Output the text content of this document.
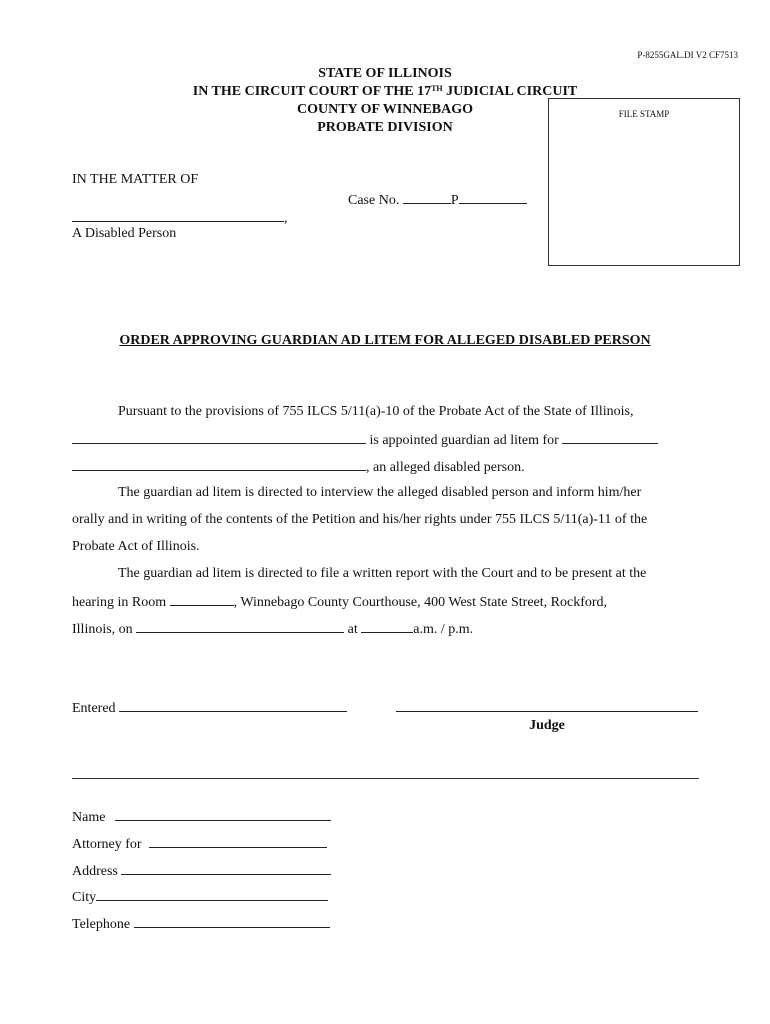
P-8255GAL.DI V2 CF7513
STATE OF ILLINOIS
IN THE CIRCUIT COURT OF THE 17TH JUDICIAL CIRCUIT
COUNTY OF WINNEBAGO
PROBATE DIVISION
FILE STAMP
IN THE MATTER OF
Case No.	P
,
A Disabled Person
ORDER APPROVING GUARDIAN AD LITEM FOR ALLEGED DISABLED PERSON
Pursuant to the provisions of 755 ILCS 5/11(a)-10 of the Probate Act of the State of Illinois,
is appointed guardian ad litem for
, an alleged disabled person.
The guardian ad litem is directed to interview the alleged disabled person and inform him/her
orally and in writing of the contents of the Petition and his/her rights under 755 ILCS 5/11(a)-11 of the
Probate Act of Illinois.
The guardian ad litem is directed to file a written report with the Court and to be present at the
hearing in Room	, Winnebago County Courthouse, 400 West State Street, Rockford,
Illinois, on	at	a.m. / p.m.
Entered
Judge
Name
Attorney for
Address
City
Telephone
